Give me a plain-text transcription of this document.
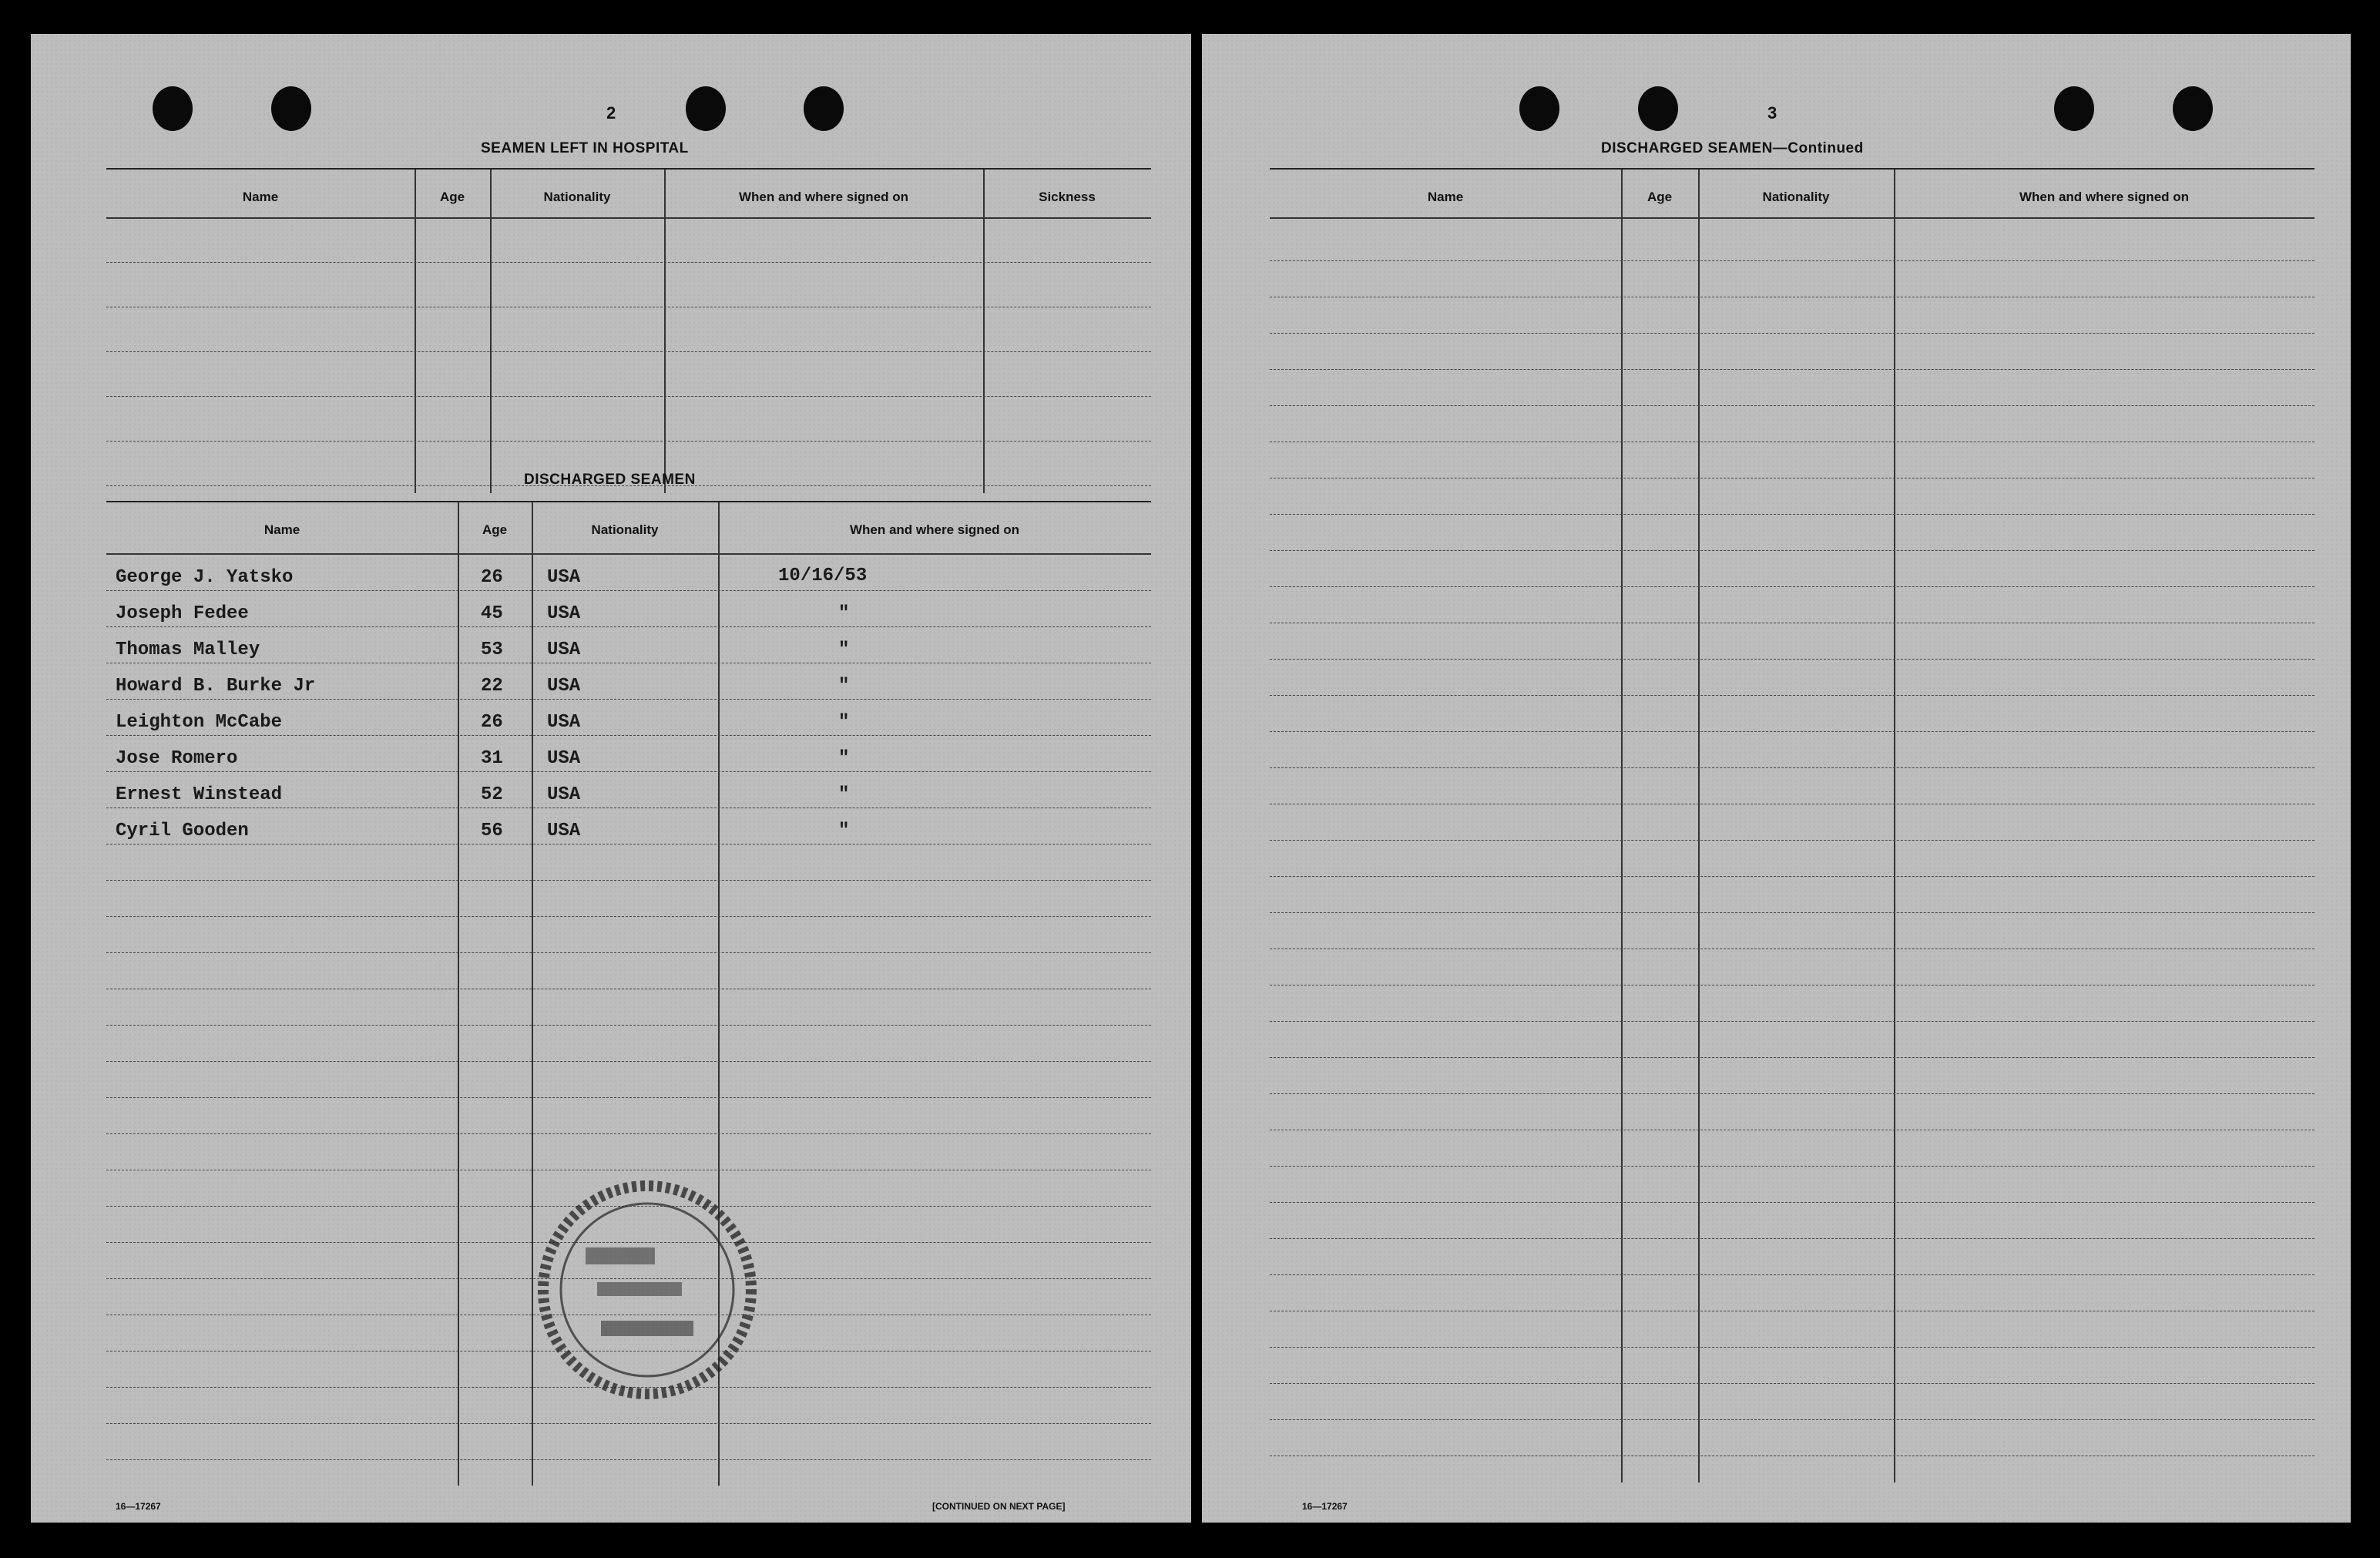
2
SEAMEN LEFT IN HOSPITAL
Name	Age	Nationality	When and where signed on	Sickness
DISCHARGED SEAMEN
Name	Age	Nationality	When and where signed on
George J. Yatsko	26 USA	10/16/53
Joseph Fedee	45 USA	"
Thomas Malley	53 USA	"
Howard B. Burke Jr	22 USA	"
Leighton McCabe	26 USA	"
Jose Romero	31 USA	"
Ernest Winstead	52 USA	"
Cyril Gooden	56 USA	"
16—17267	[CONTINUED ON NEXT PAGE]
3
DISCHARGED SEAMEN—Continued
Name	Age	Nationality	When and where signed on
16—17267
